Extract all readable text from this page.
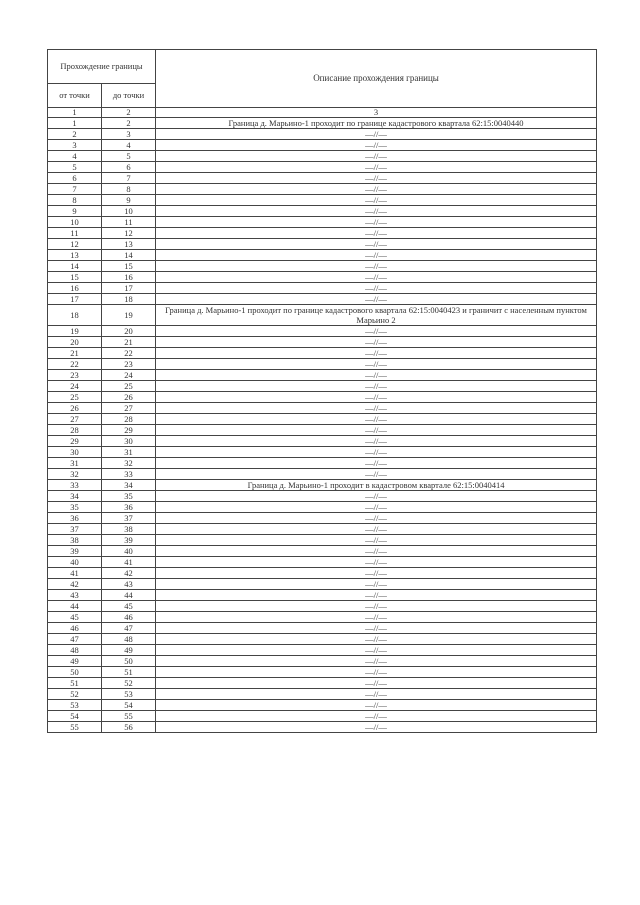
Прохождение границы		Описание прохождения границы
от точки	до точки	
1	2	3
1	2	Граница д. Марьино-1 проходит по границе кадастрового квартала 62:15:0040440
2	3	—//—
3	4	—//—
4	5	—//—
5	6	—//—
6	7	—//—
7	8	—//—
8	9	—//—
9	10	—//—
10	11	—//—
11	12	—//—
12	13	—//—
13	14	—//—
14	15	—//—
15	16	—//—
16	17	—//—
17	18	—//—
18	19	Граница д. Марьино-1 проходит по границе кадастрового квартала 62:15:0040423 и граничит с населенным пунктом Марьино 2
19	20	—//—
20	21	—//—
21	22	—//—
22	23	—//—
23	24	—//—
24	25	—//—
25	26	—//—
26	27	—//—
27	28	—//—
28	29	—//—
29	30	—//—
30	31	—//—
31	32	—//—
32	33	—//—
33	34	Граница д. Марьино-1 проходит в кадастровом квартале 62:15:0040414
34	35	—//—
35	36	—//—
36	37	—//—
37	38	—//—
38	39	—//—
39	40	—//—
40	41	—//—
41	42	—//—
42	43	—//—
43	44	—//—
44	45	—//—
45	46	—//—
46	47	—//—
47	48	—//—
48	49	—//—
49	50	—//—
50	51	—//—
51	52	—//—
52	53	—//—
53	54	—//—
54	55	—//—
55	56	—//—
